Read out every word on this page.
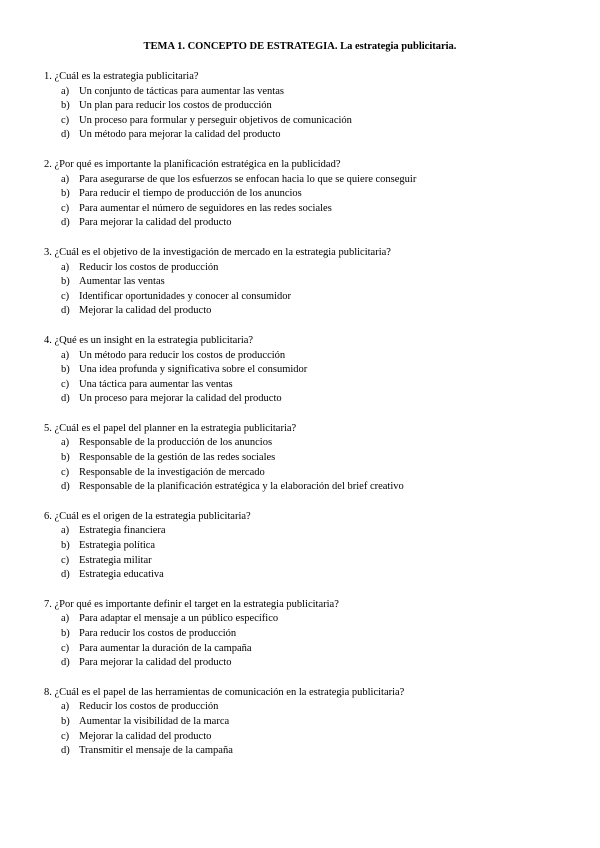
TEMA 1. CONCEPTO DE ESTRATEGIA. La estrategia publicitaria.
1. ¿Cuál es la estrategia publicitaria?
a) Un conjunto de tácticas para aumentar las ventas
b) Un plan para reducir los costos de producción
c) Un proceso para formular y perseguir objetivos de comunicación
d) Un método para mejorar la calidad del producto
2. ¿Por qué es importante la planificación estratégica en la publicidad?
a) Para asegurarse de que los esfuerzos se enfocan hacia lo que se quiere conseguir
b) Para reducir el tiempo de producción de los anuncios
c) Para aumentar el número de seguidores en las redes sociales
d) Para mejorar la calidad del producto
3. ¿Cuál es el objetivo de la investigación de mercado en la estrategia publicitaria?
a) Reducir los costos de producción
b) Aumentar las ventas
c) Identificar oportunidades y conocer al consumidor
d) Mejorar la calidad del producto
4. ¿Qué es un insight en la estrategia publicitaria?
a) Un método para reducir los costos de producción
b) Una idea profunda y significativa sobre el consumidor
c) Una táctica para aumentar las ventas
d) Un proceso para mejorar la calidad del producto
5. ¿Cuál es el papel del planner en la estrategia publicitaria?
a) Responsable de la producción de los anuncios
b) Responsable de la gestión de las redes sociales
c) Responsable de la investigación de mercado
d) Responsable de la planificación estratégica y la elaboración del brief creativo
6. ¿Cuál es el origen de la estrategia publicitaria?
a) Estrategia financiera
b) Estrategia política
c) Estrategia militar
d) Estrategia educativa
7. ¿Por qué es importante definir el target en la estrategia publicitaria?
a) Para adaptar el mensaje a un público específico
b) Para reducir los costos de producción
c) Para aumentar la duración de la campaña
d) Para mejorar la calidad del producto
8. ¿Cuál es el papel de las herramientas de comunicación en la estrategia publicitaria?
a) Reducir los costos de producción
b) Aumentar la visibilidad de la marca
c) Mejorar la calidad del producto
d) Transmitir el mensaje de la campaña
